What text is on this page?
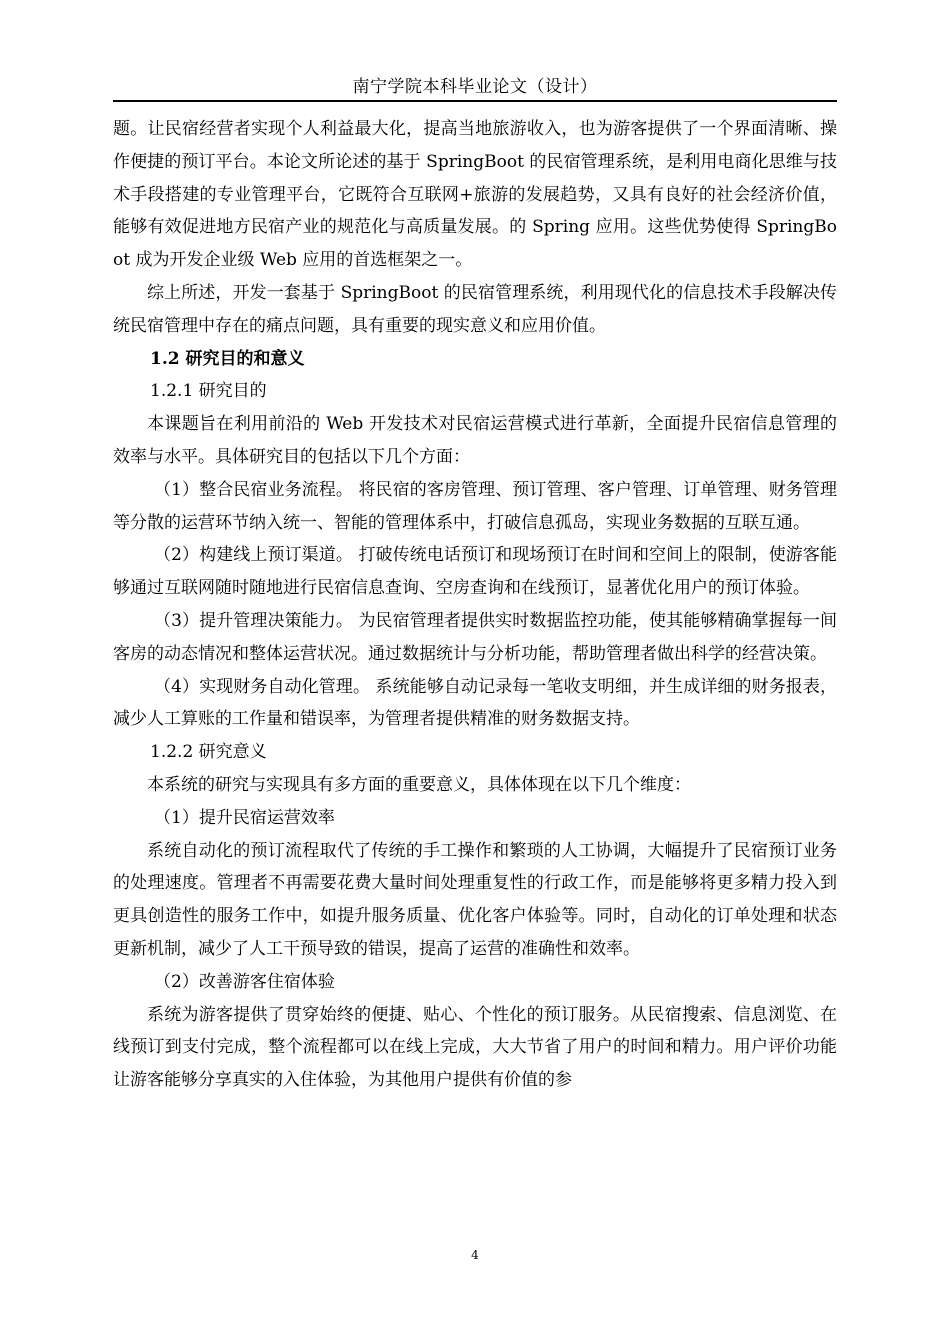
南宁学院本科毕业论文（设计）

题。让民宿经营者实现个人利益最大化，提高当地旅游收入，也为游客提供了一个界面清晰、操作便捷的预订平台。本论文所论述的基于 SpringBoot 的民宿管理系统，是利用电商化思维与技术手段搭建的专业管理平台，它既符合互联网+旅游的发展趋势，又具有良好的社会经济价值，能够有效促进地方民宿产业的规范化与高质量发展。的 Spring 应用。这些优势使得 SpringBoot 成为开发企业级 Web 应用的首选框架之一。

综上所述，开发一套基于 SpringBoot 的民宿管理系统，利用现代化的信息技术手段解决传统民宿管理中存在的痛点问题，具有重要的现实意义和应用价值。

1.2 研究目的和意义

1.2.1 研究目的

本课题旨在利用前沿的 Web 开发技术对民宿运营模式进行革新，全面提升民宿信息管理的效率与水平。具体研究目的包括以下几个方面：

（1）整合民宿业务流程。 将民宿的客房管理、预订管理、客户管理、订单管理、财务管理等分散的运营环节纳入统一、智能的管理体系中，打破信息孤岛，实现业务数据的互联互通。

（2）构建线上预订渠道。 打破传统电话预订和现场预订在时间和空间上的限制，使游客能够通过互联网随时随地进行民宿信息查询、空房查询和在线预订，显著优化用户的预订体验。

（3）提升管理决策能力。 为民宿管理者提供实时数据监控功能，使其能够精确掌握每一间客房的动态情况和整体运营状况。通过数据统计与分析功能，帮助管理者做出科学的经营决策。

（4）实现财务自动化管理。 系统能够自动记录每一笔收支明细，并生成详细的财务报表，减少人工算账的工作量和错误率，为管理者提供精准的财务数据支持。

1.2.2 研究意义

本系统的研究与实现具有多方面的重要意义，具体体现在以下几个维度：

（1）提升民宿运营效率

系统自动化的预订流程取代了传统的手工操作和繁琐的人工协调，大幅提升了民宿预订业务的处理速度。管理者不再需要花费大量时间处理重复性的行政工作，而是能够将更多精力投入到更具创造性的服务工作中，如提升服务质量、优化客户体验等。同时，自动化的订单处理和状态更新机制，减少了人工干预导致的错误，提高了运营的准确性和效率。

（2）改善游客住宿体验

系统为游客提供了贯穿始终的便捷、贴心、个性化的预订服务。从民宿搜索、信息浏览、在线预订到支付完成，整个流程都可以在线上完成，大大节省了用户的时间和精力。用户评价功能让游客能够分享真实的入住体验，为其他用户提供有价值的参

4
